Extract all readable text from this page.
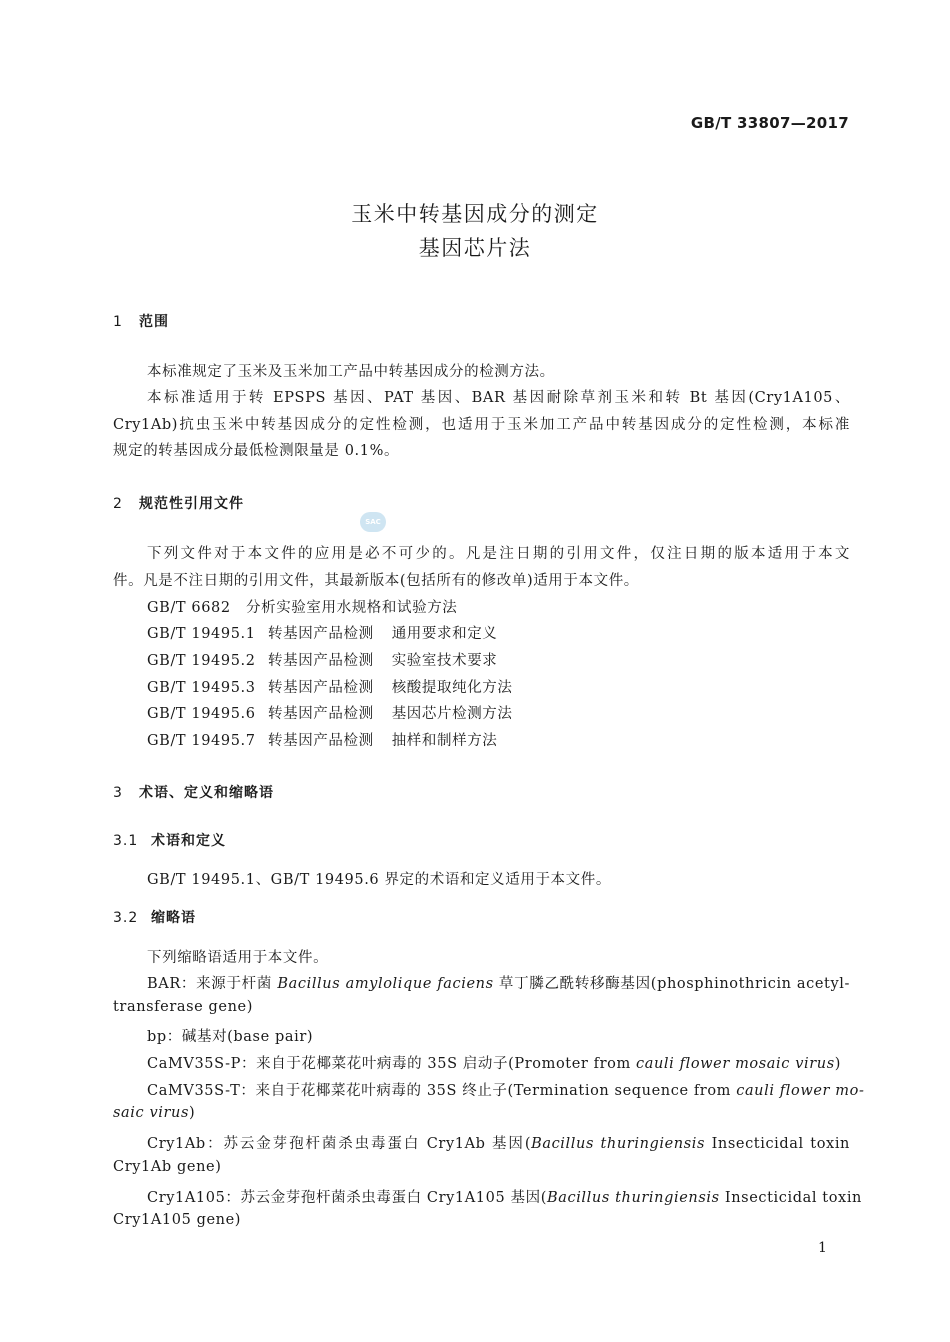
GB/T 33807—2017
玉米中转基因成分的测定
基因芯片法
1 范围
本标准规定了玉米及玉米加工产品中转基因成分的检测方法。
本标准适用于转 EPSPS 基因、PAT 基因、BAR 基因耐除草剂玉米和转 Bt 基因(Cry1A105、
Cry1Ab)抗虫玉米中转基因成分的定性检测，也适用于玉米加工产品中转基因成分的定性检测，本标准
规定的转基因成分最低检测限量是 0.1%。
2 规范性引用文件
SAC
下列文件对于本文件的应用是必不可少的。凡是注日期的引用文件，仅注日期的版本适用于本文
件。凡是不注日期的引用文件，其最新版本(包括所有的修改单)适用于本文件。
GB/T 6682 分析实验室用水规格和试验方法
GB/T 19495.1 转基因产品检测 通用要求和定义
GB/T 19495.2 转基因产品检测 实验室技术要求
GB/T 19495.3 转基因产品检测 核酸提取纯化方法
GB/T 19495.6 转基因产品检测 基因芯片检测方法
GB/T 19495.7 转基因产品检测 抽样和制样方法
3 术语、定义和缩略语
3.1 术语和定义
GB/T 19495.1、GB/T 19495.6 界定的术语和定义适用于本文件。
3.2 缩略语
下列缩略语适用于本文件。
BAR：来源于杆菌 Bacillus amylolique faciens 草丁膦乙酰转移酶基因(phosphinothricin acetyl-
transferase gene)
bp：碱基对(base pair)
CaMV35S-P：来自于花椰菜花叶病毒的 35S 启动子(Promoter from cauli flower mosaic virus)
CaMV35S-T：来自于花椰菜花叶病毒的 35S 终止子(Termination sequence from cauli flower mo-
saic virus)
Cry1Ab：苏云金芽孢杆菌杀虫毒蛋白 Cry1Ab 基因(Bacillus thuringiensis Insecticidal toxin
Cry1Ab gene)
Cry1A105：苏云金芽孢杆菌杀虫毒蛋白 Cry1A105 基因(Bacillus thuringiensis Insecticidal toxin
Cry1A105 gene)
1
